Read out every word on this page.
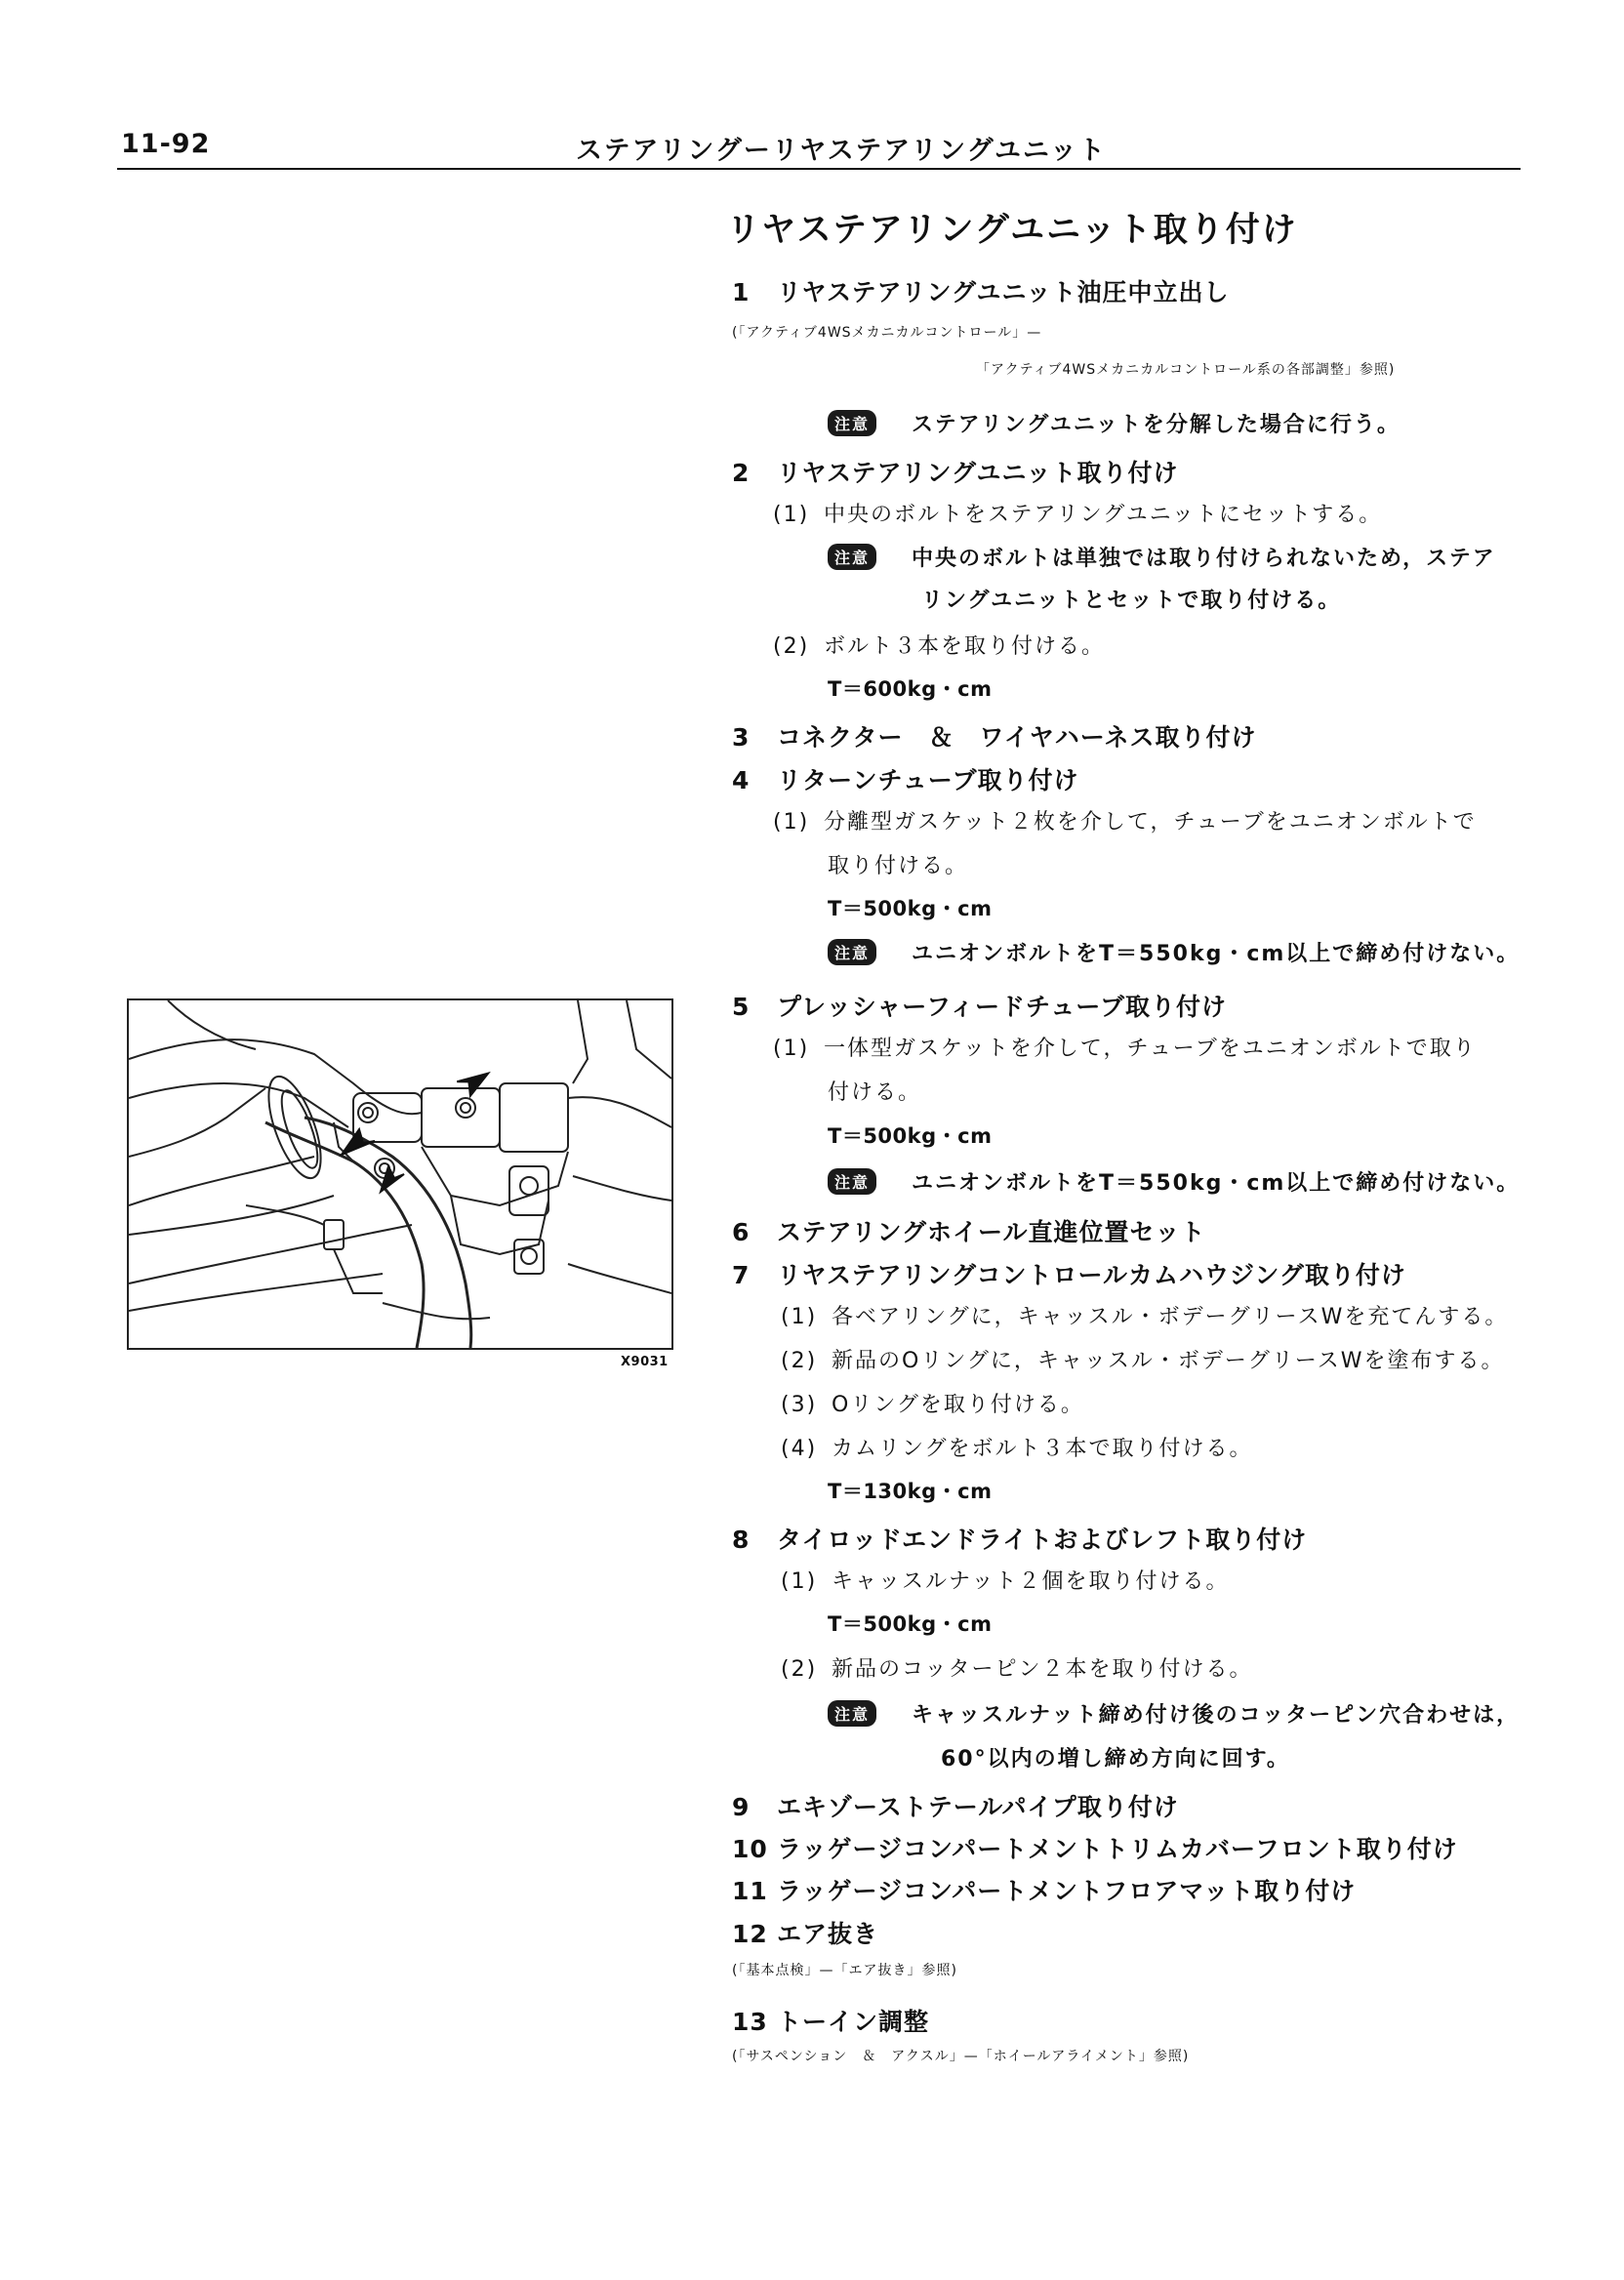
11-92	ステアリングーリヤステアリングユニット
リヤステアリングユニット取り付け
X9031
1 リヤステアリングユニット油圧中立出し
(「アクティブ4WSメカニカルコントロール」—
「アクティブ4WSメカニカルコントロール系の各部調整」参照)
注意 ステアリングユニットを分解した場合に行う。
2 リヤステアリングユニット取り付け
(1) 中央のボルトをステアリングユニットにセットする。
注意 中央のボルトは単独では取り付けられないため，ステア
リングユニットとセットで取り付ける。
(2) ボルト３本を取り付ける。
T＝600kg・cm
3 コネクター　＆　ワイヤハーネス取り付け
4 リターンチューブ取り付け
(1) 分離型ガスケット２枚を介して，チューブをユニオンボルトで
取り付ける。
T＝500kg・cm
注意 ユニオンボルトをT＝550kg・cm以上で締め付けない。
5 プレッシャーフィードチューブ取り付け
(1) 一体型ガスケットを介して，チューブをユニオンボルトで取り
付ける。
T＝500kg・cm
注意 ユニオンボルトをT＝550kg・cm以上で締め付けない。
6 ステアリングホイール直進位置セット
7 リヤステアリングコントロールカムハウジング取り付け
(1) 各ベアリングに，キャッスル・ボデーグリースWを充てんする。
(2) 新品のOリングに，キャッスル・ボデーグリースWを塗布する。
(3) Oリングを取り付ける。
(4) カムリングをボルト３本で取り付ける。
T＝130kg・cm
8 タイロッドエンドライトおよびレフト取り付け
(1) キャッスルナット２個を取り付ける。
T＝500kg・cm
(2) 新品のコッターピン２本を取り付ける。
注意 キャッスルナット締め付け後のコッターピン穴合わせは，
60°以内の増し締め方向に回す。
9 エキゾーストテールパイプ取り付け
10 ラッゲージコンパートメントトリムカバーフロント取り付け
11 ラッゲージコンパートメントフロアマット取り付け
12 エア抜き
(「基本点検」—「エア抜き」参照)
13 トーイン調整
(「サスペンション　＆　アクスル」—「ホイールアライメント」参照)
